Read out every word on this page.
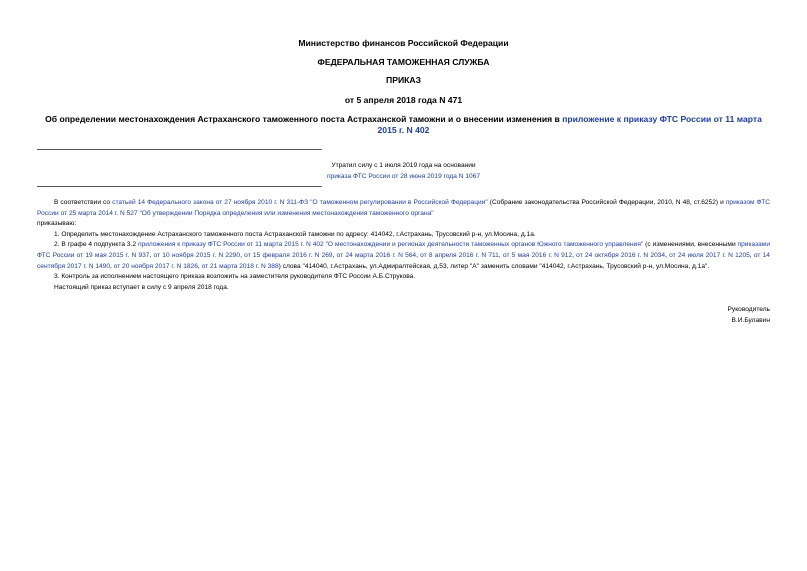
Министерство финансов Российской Федерации
ФЕДЕРАЛЬНАЯ ТАМОЖЕННАЯ СЛУЖБА
ПРИКАЗ
от 5 апреля 2018 года N 471
Об определении местонахождения Астраханского таможенного поста Астраханской таможни и о внесении изменения в приложение к приказу ФТС России от 11 марта 2015 г. N 402
Утратил силу с 1 июля 2019 года на основании
приказа ФТС России от 28 июня 2019 года N 1067

В соответствии со статьей 14 Федерального закона от 27 ноября 2010 г. N 311-ФЗ "О таможенном регулировании в Российской Федерации" (Собрание законодательства Российской Федерации, 2010, N 48, ст.6252) и приказом ФТС России от 25 марта 2014 г. N 527 "Об утверждении Порядка определения или изменения местонахождения таможенного органа"

приказываю:

1. Определить местонахождение Астраханского таможенного поста Астраханской таможни по адресу: 414042, г.Астрахань, Трусовский р-н, ул.Мосина, д.1а.

2. В графе 4 подпункта 3.2 приложения к приказу ФТС России от 11 марта 2015 г. N 402 "О местонахождении и регионах деятельности таможенных органов Южного таможенного управления" (с изменениями, внесенными приказами ФТС России от 19 мая 2015 г. N 937, от 10 ноября 2015 г. N 2290, от 15 февраля 2016 г. N 269, от 24 марта 2016 г. N 564, от 8 апреля 2016 г. N 711, от 5 мая 2016 г. N 912, от 24 октября 2016 г. N 2034, от 24 июля 2017 г. N 1205, от 14 сентября 2017 г. N 1490, от 20 ноября 2017 г. N 1826, от 21 марта 2018 г. N 388) слова "414040, г.Астрахань, ул.Адмиралтейская, д.53, литер "А" заменить словами "414042, г.Астрахань, Трусовский р-н, ул.Мосина, д.1а".

3. Контроль за исполнением настоящего приказа возложить на заместителя руководителя ФТС России А.Б.Струкова.

Настоящий приказ вступает в силу с 9 апреля 2018 года.

Руководитель
В.И.Булавин
